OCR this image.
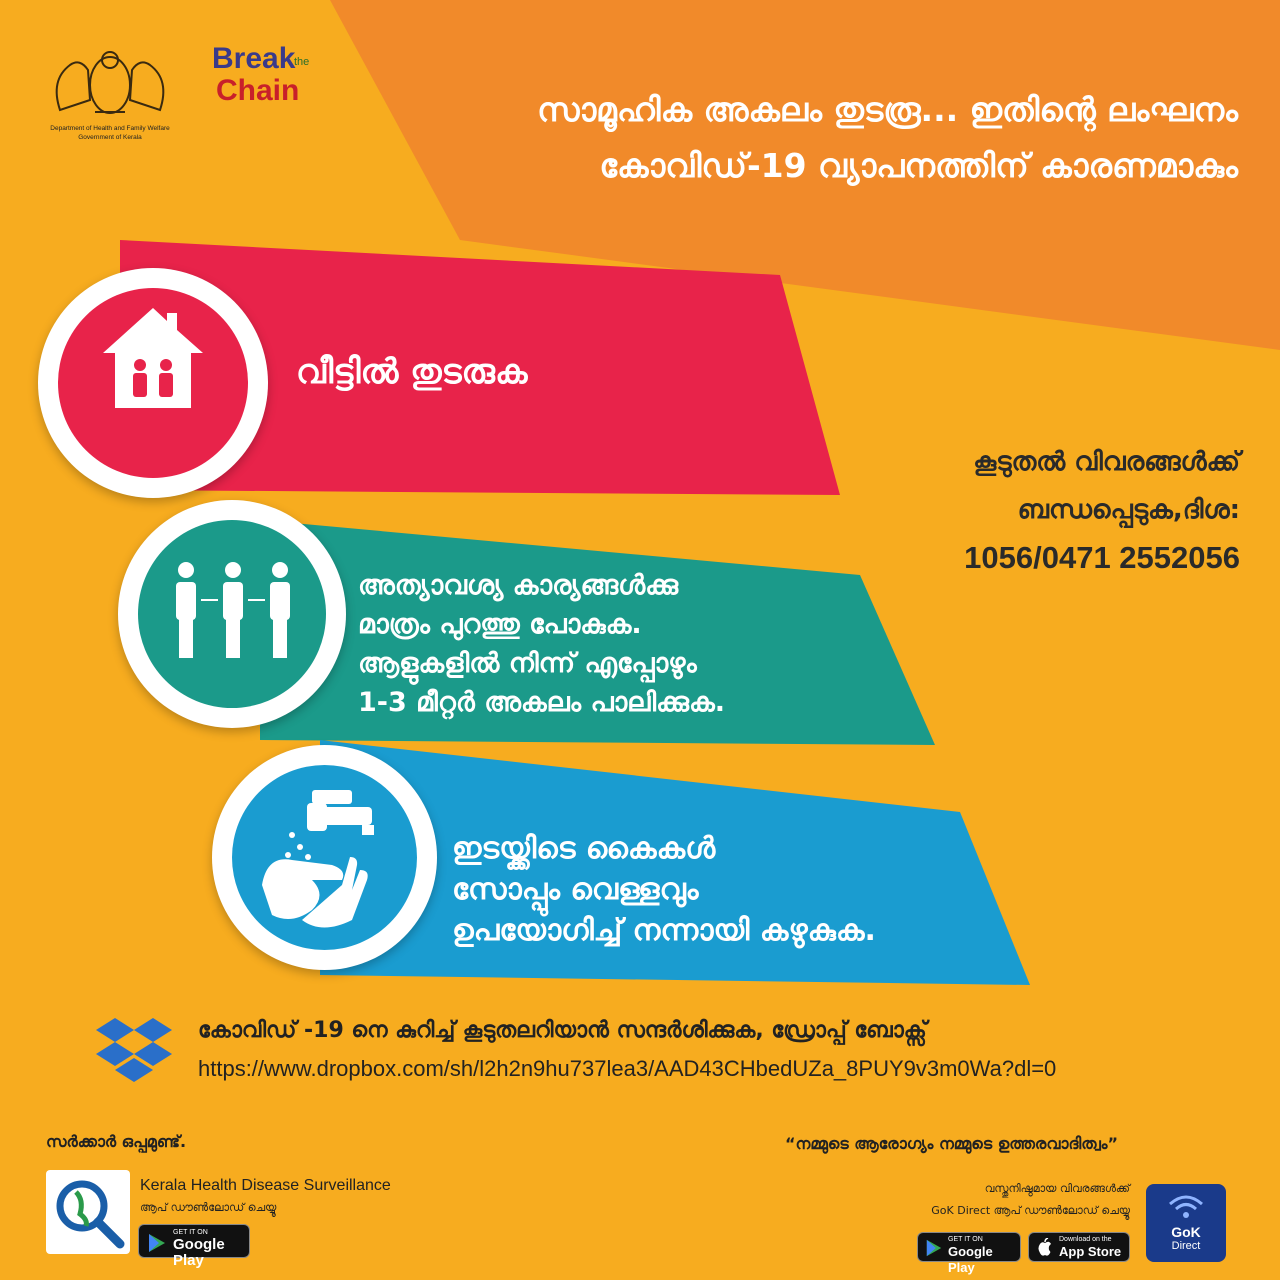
Department of Health and Family Welfare
Government of Kerala
Break
the
Chain	സാമൂഹിക അകലം തുടരൂ... ഇതിന്റെ ലംഘനം
കോവിഡ്-19 വ്യാപനത്തിന് കാരണമാകും
വീട്ടിൽ തുടരുക
അത്യാവശ്യ കാര്യങ്ങൾക്കു
മാത്രം പുറത്തു പോകുക.
ആളുകളിൽ നിന്ന് എപ്പോഴും
1-3 മീറ്റർ അകലം പാലിക്കുക.
ഇടയ്ക്കിടെ കൈകൾ
സോപ്പും വെള്ളവും
ഉപയോഗിച്ച് നന്നായി കഴുകുക.
കൂടുതൽ വിവരങ്ങൾക്ക്
ബന്ധപ്പെടുക,ദിശ:
1056/0471 2552056
കോവിഡ് -19 നെ കുറിച്ച് കൂടുതലറിയാൻ സന്ദർശിക്കുക, ഡ്രോപ്പ് ബോക്സ്
https://www.dropbox.com/sh/l2h2n9hu737lea3/AAD43CHbedUZa_8PUY9v3m0Wa?dl=0
സർക്കാർ ഒപ്പമുണ്ട്.
Kerala Health Disease Surveillance
ആപ് ഡൗൺലോഡ് ചെയ്യൂ
GET IT ON
Google Play
“നമ്മുടെ ആരോഗ്യം നമ്മുടെ ഉത്തരവാദിത്വം”
വസ്തുനിഷ്ഠമായ വിവരങ്ങൾക്ക്
GoK Direct ആപ് ഡൗൺലോഡ് ചെയ്യൂ
GET IT ON
Google Play
Download on the
App Store
GoK
Direct
